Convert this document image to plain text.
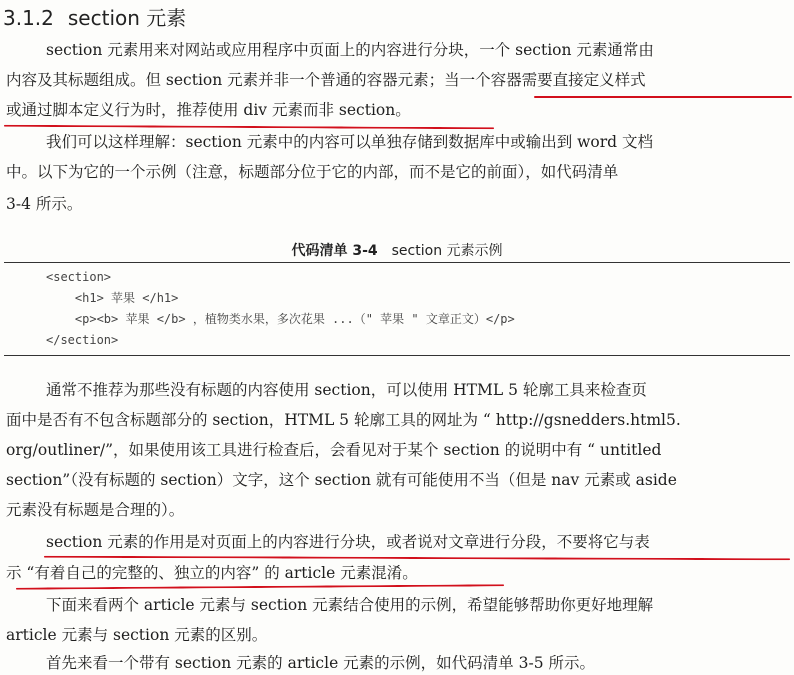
3.1.2 section 元素
section 元素用来对网站或应用程序中页面上的内容进行分块，一个 section 元素通常由
内容及其标题组成。但 section 元素并非一个普通的容器元素；当一个容器需要直接定义样式
或通过脚本定义行为时，推荐使用 div 元素而非 section。
我们可以这样理解：section 元素中的内容可以单独存储到数据库中或输出到 word 文档
中。以下为它的一个示例（注意，标题部分位于它的内部，而不是它的前面），如代码清单
3-4 所示。
代码清单 3-4 section 元素示例
<section>
<h1> 苹果 </h1>
<p><b> 苹果 </b> ，植物类水果，多次花果 ...（" 苹果 " 文章正文）</p>
</section>
通常不推荐为那些没有标题的内容使用 section，可以使用 HTML 5 轮廓工具来检查页
面中是否有不包含标题部分的 section，HTML 5 轮廓工具的网址为 “ http://gsnedders.html5.
org/outliner/”，如果使用该工具进行检查后，会看见对于某个 section 的说明中有 “ untitled
section”（没有标题的 section）文字，这个 section 就有可能使用不当（但是 nav 元素或 aside
元素没有标题是合理的）。
section 元素的作用是对页面上的内容进行分块，或者说对文章进行分段，不要将它与表
示 “有着自己的完整的、独立的内容” 的 article 元素混淆。
下面来看两个 article 元素与 section 元素结合使用的示例，希望能够帮助你更好地理解
article 元素与 section 元素的区别。
首先来看一个带有 section 元素的 article 元素的示例，如代码清单 3-5 所示。
